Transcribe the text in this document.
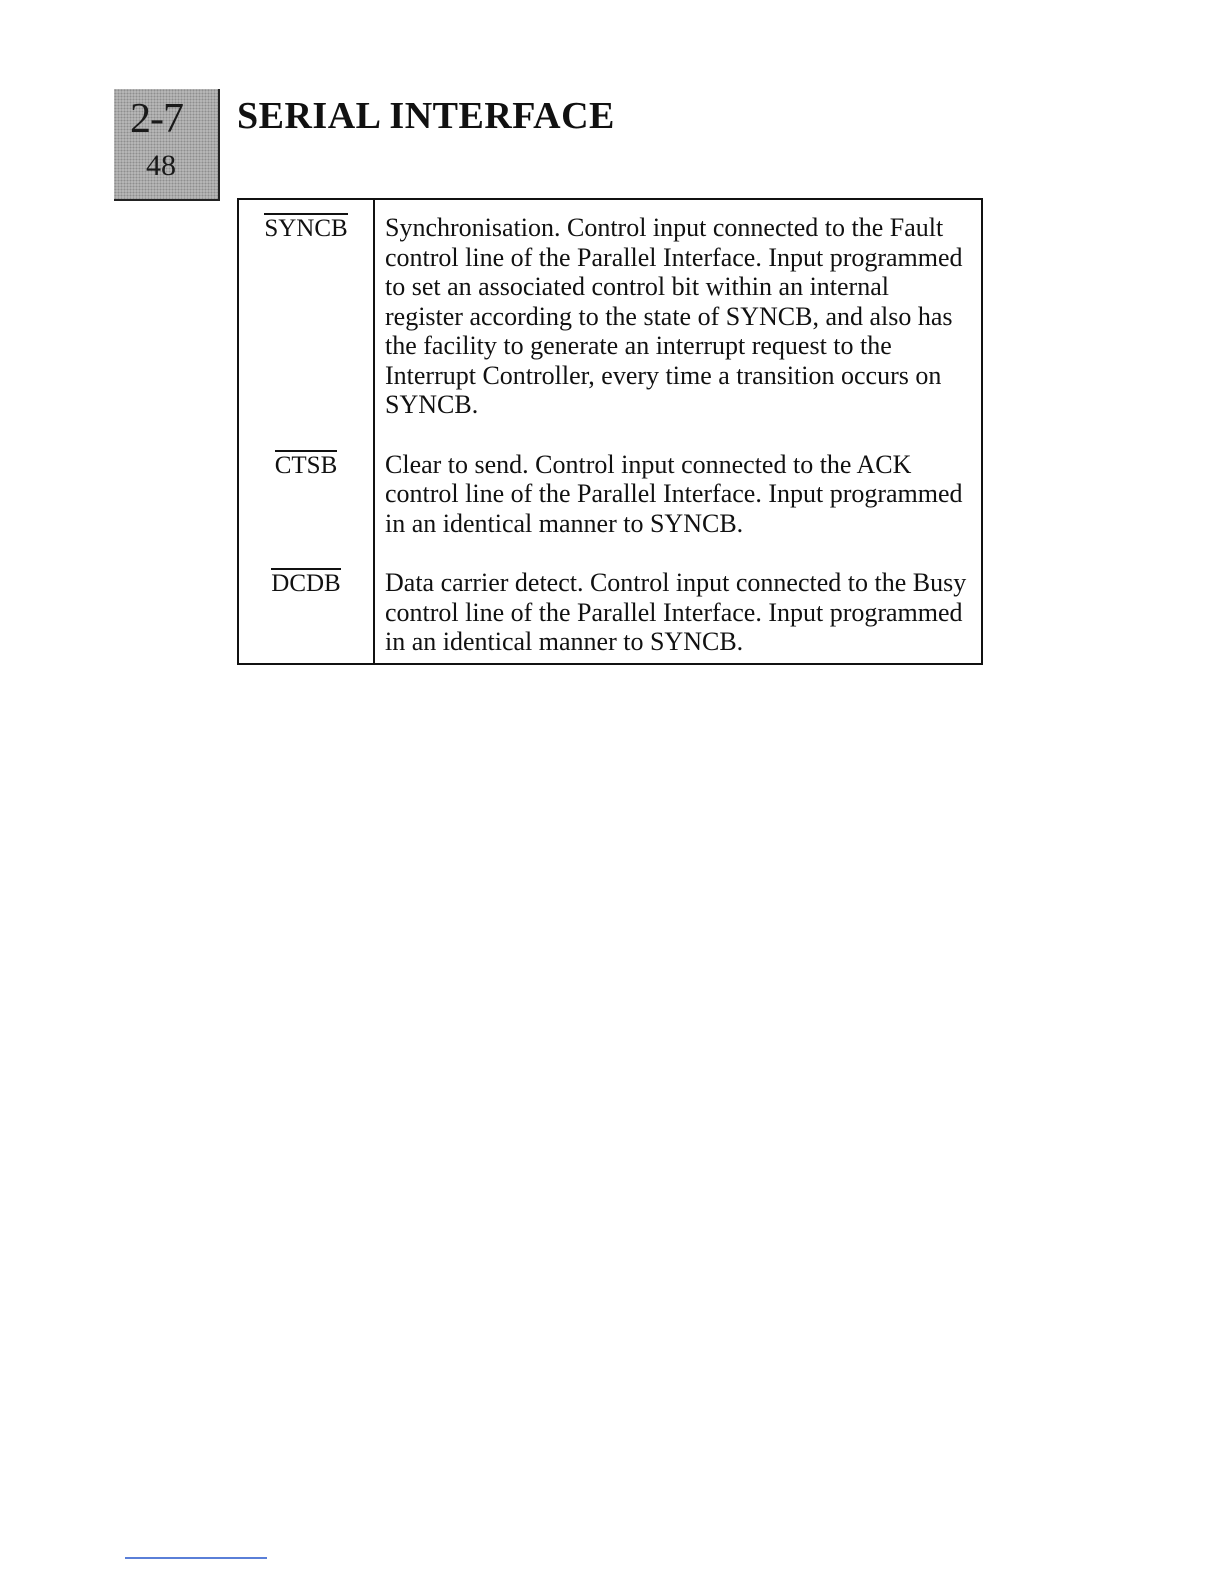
2-7
48
SERIAL INTERFACE
SYNCB	Synchronisation. Control input connected to the Fault control line of the Parallel Interface. Input programmed to set an associated control bit within an internal register according to the state of SYNCB, and also has the facility to generate an interrupt request to the Interrupt Controller, every time a transition occurs on SYNCB.
CTSB	Clear to send. Control input connected to the ACK control line of the Parallel Interface. Input programmed in an identical manner to SYNCB.
DCDB	Data carrier detect. Control input connected to the Busy control line of the Parallel Interface. Input programmed in an identical manner to SYNCB.
